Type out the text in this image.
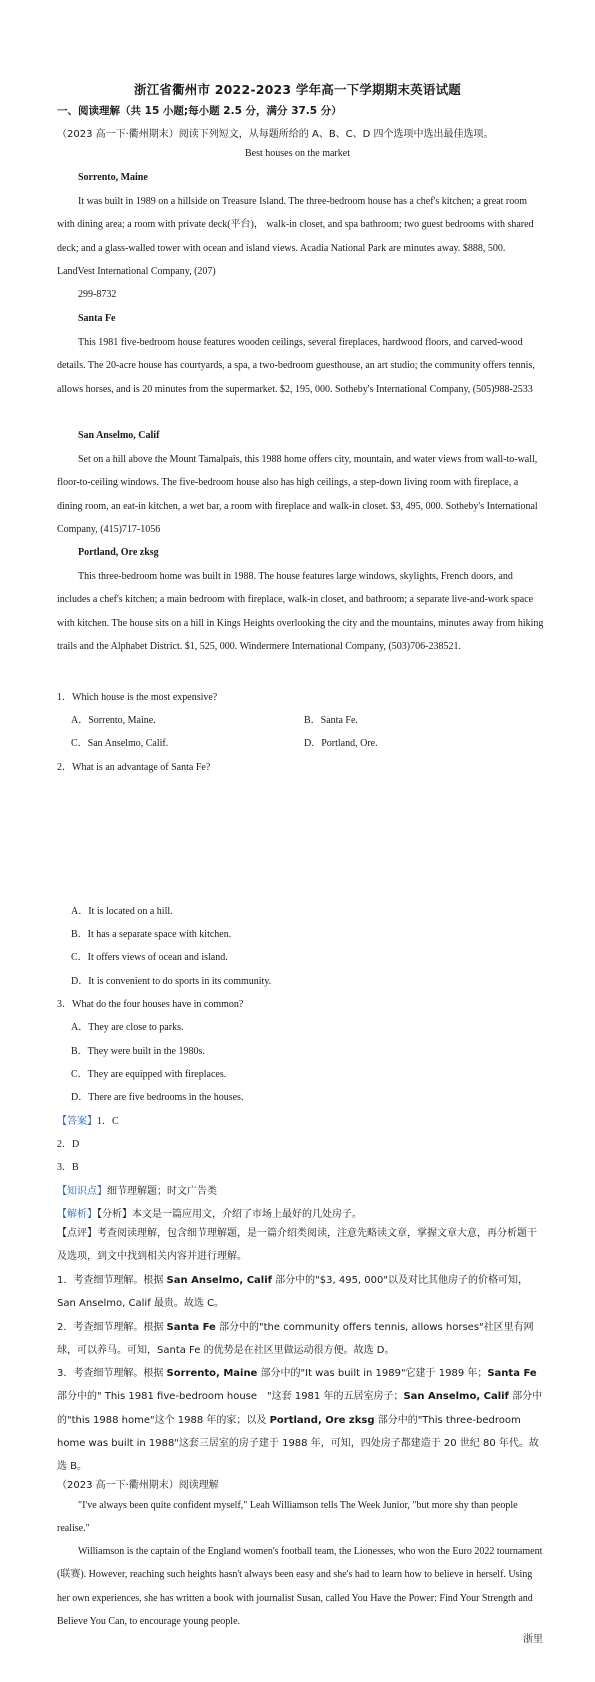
浙江省衢州市 2022-2023 学年高一下学期期末英语试题
一、阅读理解（共 15 小题;每小题 2.5 分，满分 37.5 分）
（2023 高一下·衢州期末）阅读下列短文，从每题所给的 A、B、C、D 四个选项中选出最佳选项。
Best houses on the market
Sorrento, Maine
It was built in 1989 on a hillside on Treasure Island. The three-bedroom house has a chef's kitchen; a great room with dining area; a room with private deck(平台)， walk-in closet, and spa bathroom; two guest bedrooms with shared deck; and a glass-walled tower with ocean and island views. Acadia National Park are minutes away. $888, 500. LandVest International Company, (207)
299-8732
Santa Fe
This 1981 five-bedroom house features wooden ceilings, several fireplaces, hardwood floors, and carved-wood details. The 20-acre house has courtyards, a spa, a two-bedroom guesthouse, an art studio; the community offers tennis, allows horses, and is 20 minutes from the supermarket. $2, 195, 000. Sotheby's International Company, (505)988-2533
San Anselmo, Calif
Set on a hill above the Mount Tamalpais, this 1988 home offers city, mountain, and water views from wall-to-wall, floor-to-ceiling windows. The five-bedroom house also has high ceilings, a step-down living room with fireplace, a dining room, an eat-in kitchen, a wet bar, a room with fireplace and walk-in closet. $3, 495, 000. Sotheby's International Company, (415)717-1056
Portland, Ore zksg
This three-bedroom home was built in 1988. The house features large windows, skylights, French doors, and includes a chef's kitchen; a main bedroom with fireplace, walk-in closet, and bathroom; a separate live-and-work space with kitchen. The house sits on a hill in Kings Heights overlooking the city and the mountains, minutes away from hiking trails and the Alphabet District. $1, 525, 000. Windermere International Company, (503)706-238521.
1．Which house is the most expensive?
A．Sorrento, Maine.	B．Santa Fe.
C．San Anselmo, Calif.	D．Portland, Ore.
2．What is an advantage of Santa Fe?
A．It is located on a hill.
B．It has a separate space with kitchen.
C．It offers views of ocean and island.
D．It is convenient to do sports in its community.
3．What do the four houses have in common?
A．They are close to parks.
B．They were built in the 1980s.
C．They are equipped with fireplaces.
D．There are five bedrooms in the houses.
【答案】1．C
2．D
3．B
【知识点】细节理解题；时文广告类
【解析】【分析】本文是一篇应用文，介绍了市场上最好的几处房子。
【点评】考查阅读理解，包含细节理解题，是一篇介绍类阅读，注意先略读文章，掌握文章大意，再分析题干及选项，到文中找到相关内容并进行理解。
1．考查细节理解。根据 San Anselmo, Calif 部分中的"$3, 495, 000"以及对比其他房子的价格可知，San Anselmo, Calif 最贵。故选 C。
2．考查细节理解。根据 Santa Fe 部分中的"the community offers tennis, allows horses"社区里有网球，可以养马。可知，Santa Fe 的优势是在社区里做运动很方便。故选 D。
3．考查细节理解。根据 Sorrento, Maine 部分中的"It was built in 1989"它建于 1989 年；Santa Fe 部分中的" This 1981 five-bedroom house　"这套 1981 年的五居室房子；San Anselmo, Calif 部分中的"this 1988 home"这个 1988 年的家；以及 Portland, Ore zksg 部分中的"This three-bedroom home was built in 1988"这套三居室的房子建于 1988 年，可知，四处房子都建造于 20 世纪 80 年代。故选 B。
（2023 高一下·衢州期末）阅读理解
"I've always been quite confident myself," Leah Williamson tells The Week Junior, "but more shy than people realise."
Williamson is the captain of the England women's football team, the Lionesses, who won the Euro 2022 tournament (联赛). However, reaching such heights hasn't always been easy and she's had to learn how to believe in herself. Using her own experiences, she has written a book with journalist Susan, called You Have the Power: Find Your Strength and Believe You Can, to encourage young people.
浙里
